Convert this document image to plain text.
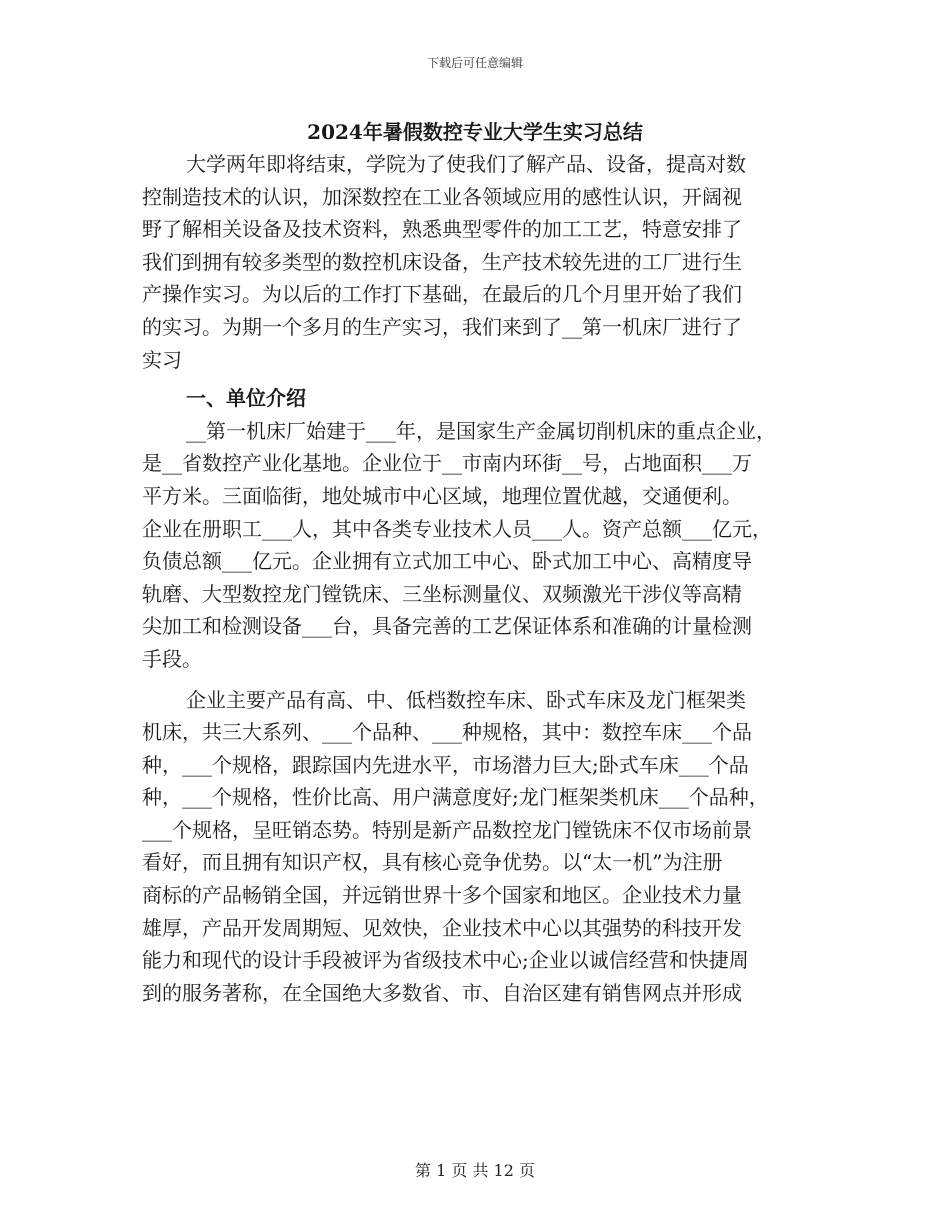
下载后可任意编辑
2024年暑假数控专业大学生实习总结
大学两年即将结束，学院为了使我们了解产品、设备，提高对数
控制造技术的认识，加深数控在工业各领域应用的感性认识，开阔视
野了解相关设备及技术资料，熟悉典型零件的加工工艺，特意安排了
我们到拥有较多类型的数控机床设备，生产技术较先进的工厂进行生
产操作实习。为以后的工作打下基础，在最后的几个月里开始了我们
的实习。为期一个多月的生产实习，我们来到了__第一机床厂进行了
实习
一、单位介绍
__第一机床厂始建于___年，是国家生产金属切削机床的重点企业，
是__省数控产业化基地。企业位于__市南内环街__号，占地面积___万
平方米。三面临街，地处城市中心区域，地理位置优越，交通便利。
企业在册职工___人，其中各类专业技术人员___人。资产总额___亿元，
负债总额___亿元。企业拥有立式加工中心、卧式加工中心、高精度导
轨磨、大型数控龙门镗铣床、三坐标测量仪、双频激光干涉仪等高精
尖加工和检测设备___台，具备完善的工艺保证体系和准确的计量检测
手段。
企业主要产品有高、中、低档数控车床、卧式车床及龙门框架类
机床，共三大系列、___个品种、___种规格，其中：数控车床___个品
种，___个规格，跟踪国内先进水平，市场潜力巨大;卧式车床___个品
种，___个规格，性价比高、用户满意度好;龙门框架类机床___个品种，
___个规格，呈旺销态势。特别是新产品数控龙门镗铣床不仅市场前景
看好，而且拥有知识产权，具有核心竞争优势。以“太一机”为注册
商标的产品畅销全国，并远销世界十多个国家和地区。企业技术力量
雄厚，产品开发周期短、见效快，企业技术中心以其强势的科技开发
能力和现代的设计手段被评为省级技术中心;企业以诚信经营和快捷周
到的服务著称，在全国绝大多数省、市、自治区建有销售网点并形成
第 1 页 共 12 页
